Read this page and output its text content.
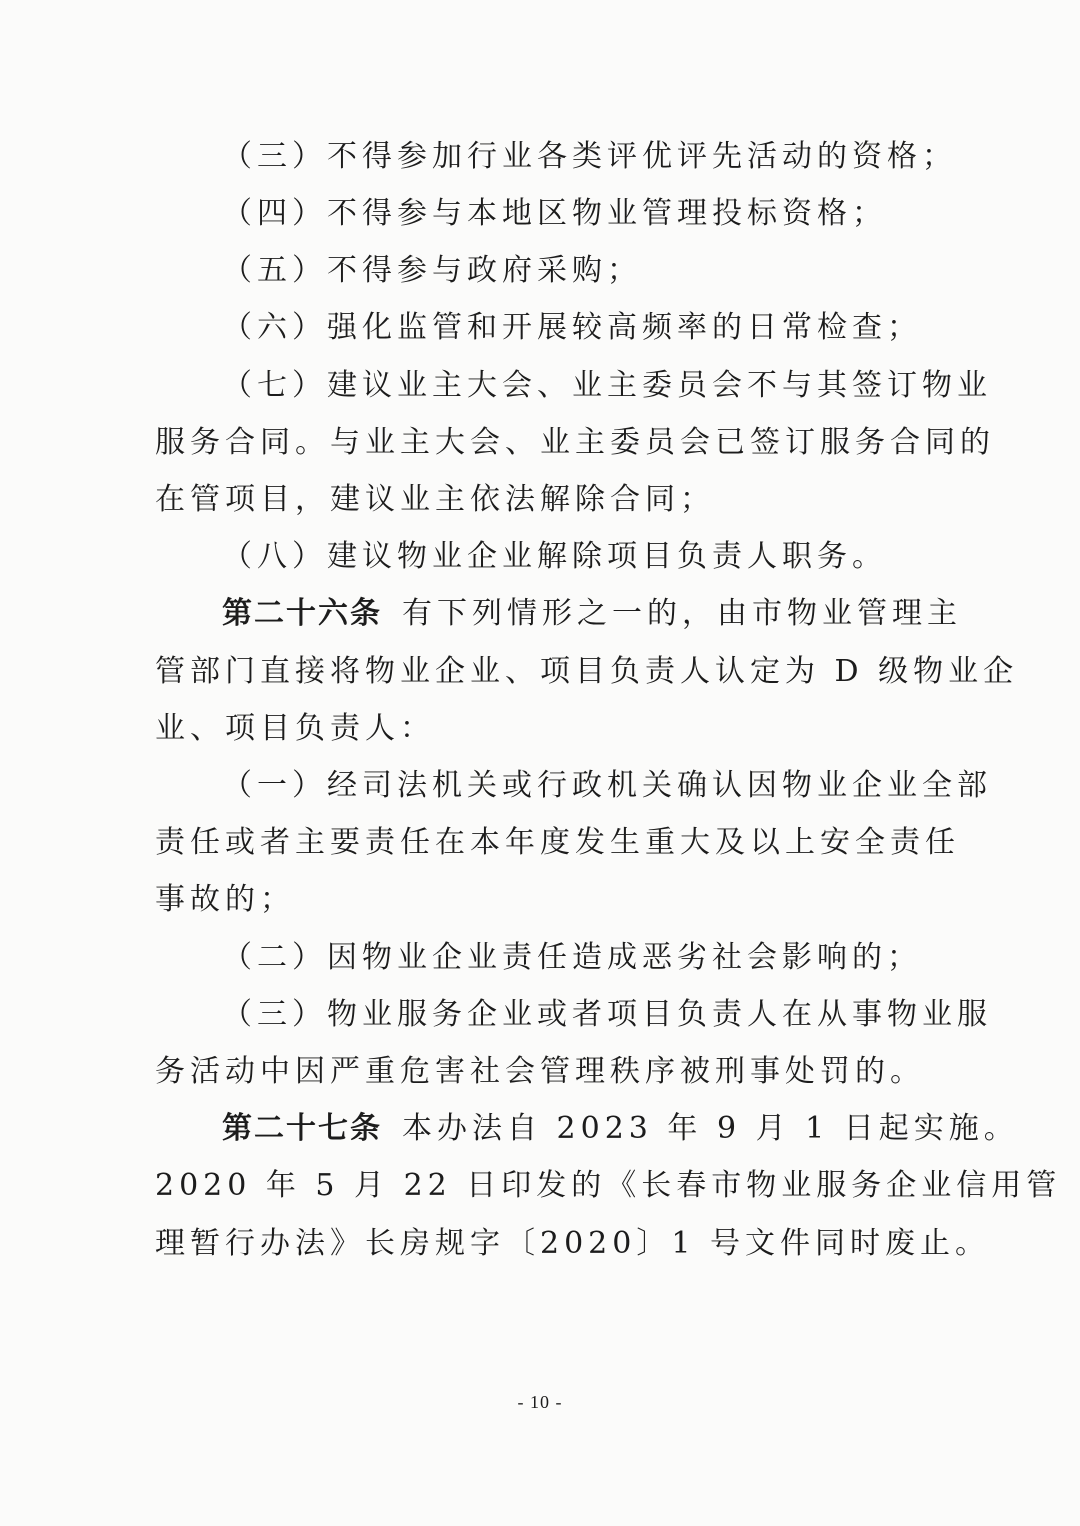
（三）不得参加行业各类评优评先活动的资格；
（四）不得参与本地区物业管理投标资格；
（五）不得参与政府采购；
（六）强化监管和开展较高频率的日常检查；
（七）建议业主大会、业主委员会不与其签订物业
服务合同。与业主大会、业主委员会已签订服务合同的
在管项目，建议业主依法解除合同；
（八）建议物业企业解除项目负责人职务。
第二十六条 有下列情形之一的，由市物业管理主
管部门直接将物业企业、项目负责人认定为 D 级物业企
业、项目负责人：
（一）经司法机关或行政机关确认因物业企业全部
责任或者主要责任在本年度发生重大及以上安全责任
事故的；
（二）因物业企业责任造成恶劣社会影响的；
（三）物业服务企业或者项目负责人在从事物业服
务活动中因严重危害社会管理秩序被刑事处罚的。
第二十七条 本办法自 2023 年 9 月 1 日起实施。
2020 年 5 月 22 日印发的《长春市物业服务企业信用管
理暂行办法》长房规字〔2020〕1 号文件同时废止。
- 10 -
